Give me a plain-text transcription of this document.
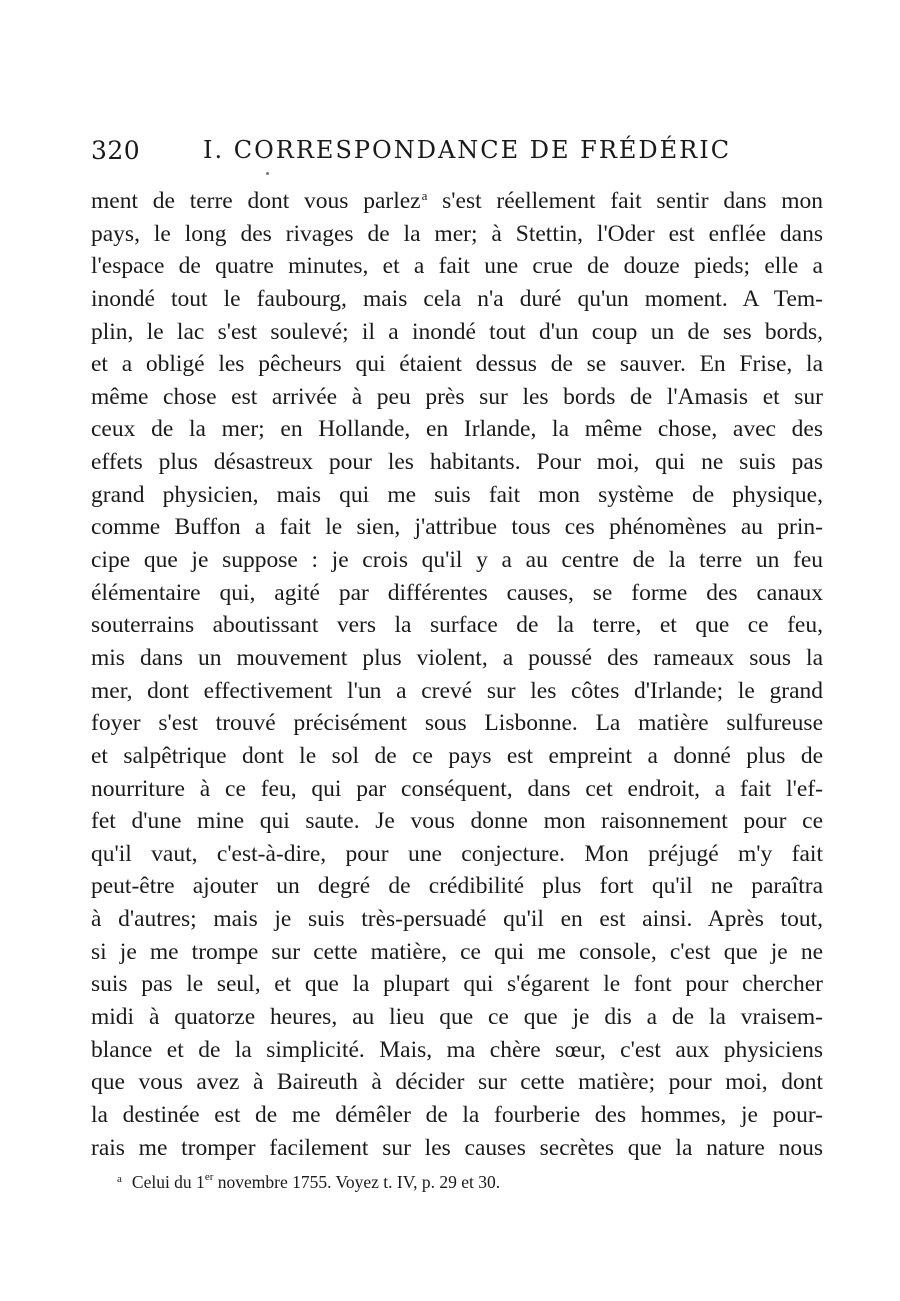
320	I. CORRESPONDANCE DE FRÉDÉRIC
ment de terre dont vous parlez$^a$ s'est réellement fait sentir dans mon
pays, le long des rivages de la mer; à Stettin, l'Oder est enflée dans
l'espace de quatre minutes, et a fait une crue de douze pieds; elle a
inondé tout le faubourg, mais cela n'a duré qu'un moment. A Tem-
plin, le lac s'est soulevé; il a inondé tout d'un coup un de ses bords,
et a obligé les pêcheurs qui étaient dessus de se sauver. En Frise, la
même chose est arrivée à peu près sur les bords de l'Amasis et sur
ceux de la mer; en Hollande, en Irlande, la même chose, avec des
effets plus désastreux pour les habitants. Pour moi, qui ne suis pas
grand physicien, mais qui me suis fait mon système de physique,
comme Buffon a fait le sien, j'attribue tous ces phénomènes au prin-
cipe que je suppose : je crois qu'il y a au centre de la terre un feu
élémentaire qui, agité par différentes causes, se forme des canaux
souterrains aboutissant vers la surface de la terre, et que ce feu,
mis dans un mouvement plus violent, a poussé des rameaux sous la
mer, dont effectivement l'un a crevé sur les côtes d'Irlande; le grand
foyer s'est trouvé précisément sous Lisbonne. La matière sulfureuse
et salpêtrique dont le sol de ce pays est empreint a donné plus de
nourriture à ce feu, qui par conséquent, dans cet endroit, a fait l'ef-
fet d'une mine qui saute. Je vous donne mon raisonnement pour ce
qu'il vaut, c'est-à-dire, pour une conjecture. Mon préjugé m'y fait
peut-être ajouter un degré de crédibilité plus fort qu'il ne paraîtra
à d'autres; mais je suis très-persuadé qu'il en est ainsi. Après tout,
si je me trompe sur cette matière, ce qui me console, c'est que je ne
suis pas le seul, et que la plupart qui s'égarent le font pour chercher
midi à quatorze heures, au lieu que ce que je dis a de la vraisem-
blance et de la simplicité. Mais, ma chère sœur, c'est aux physiciens
que vous avez à Baireuth à décider sur cette matière; pour moi, dont
la destinée est de me démêler de la fourberie des hommes, je pour-
rais me tromper facilement sur les causes secrètes que la nature nous
$^a$ Celui du 1er novembre 1755. Voyez t. IV, p. 29 et 30.
